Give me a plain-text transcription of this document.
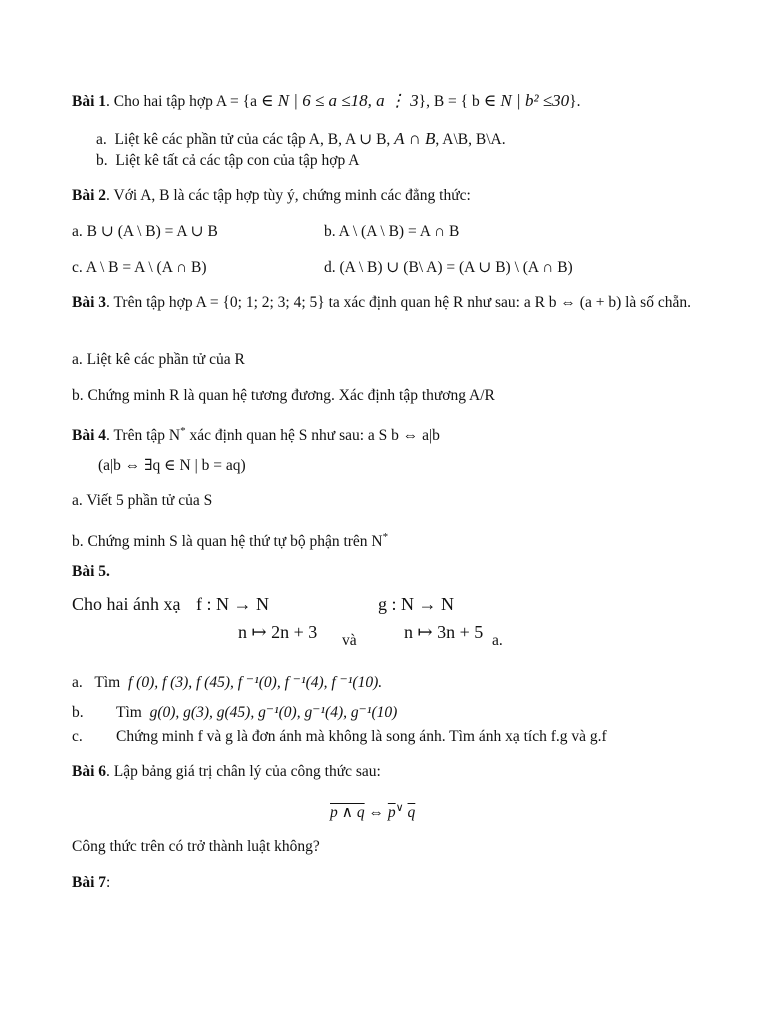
Bài 1. Cho hai tập hợp A = {a ∈ N | 6 ≤ a ≤18, a ⋮ 3}, B = { b ∈ N | b² ≤30}.
a. Liệt kê các phần tử của các tập A, B, A ∪ B, A ∩ B, A\B, B\A.
b. Liệt kê tất cả các tập con của tập hợp A
Bài 2. Với A, B là các tập hợp tùy ý, chứng minh các đẳng thức:
a. B ∪ (A \ B) = A ∪ B	b. A \ (A \ B) = A ∩ B
c. A \ B = A \ (A ∩ B)	d. (A \ B) ∪ (B\ A) = (A ∪ B) \ (A ∩ B)
Bài 3. Trên tập hợp A = {0; 1; 2; 3; 4; 5} ta xác định quan hệ R như sau: a R b ⇔ (a + b) là số chẵn.
a. Liệt kê các phần tử của R
b. Chứng minh R là quan hệ tương đương. Xác định tập thương A/R
Bài 4. Trên tập N* xác định quan hệ S như sau: a S b ⇔ a|b
(a|b ⇔ ∃q ∈ N | b = aq)
a. Viết 5 phần tử của S
b. Chứng minh S là quan hệ thứ tự bộ phận trên N*
Bài 5.
Cho hai ánh xạ f : N → N	g : N → N
n ↦ 2n + 3 và	n ↦ 3n + 5 a.
a. Tìm f (0), f (3), f (45), f ⁻¹(0), f ⁻¹(4), f ⁻¹(10).
b. Tìm g(0), g(3), g(45), g⁻¹(0), g⁻¹(4), g⁻¹(10)
c. Chứng minh f và g là đơn ánh mà không là song ánh. Tìm ánh xạ tích f.g và g.f
Bài 6. Lập bảng giá trị chân lý của công thức sau:
p ∧ q ⇔ $\overline{p}^\vee$ $\overline{q}$
Công thức trên có trở thành luật không?
Bài 7:
